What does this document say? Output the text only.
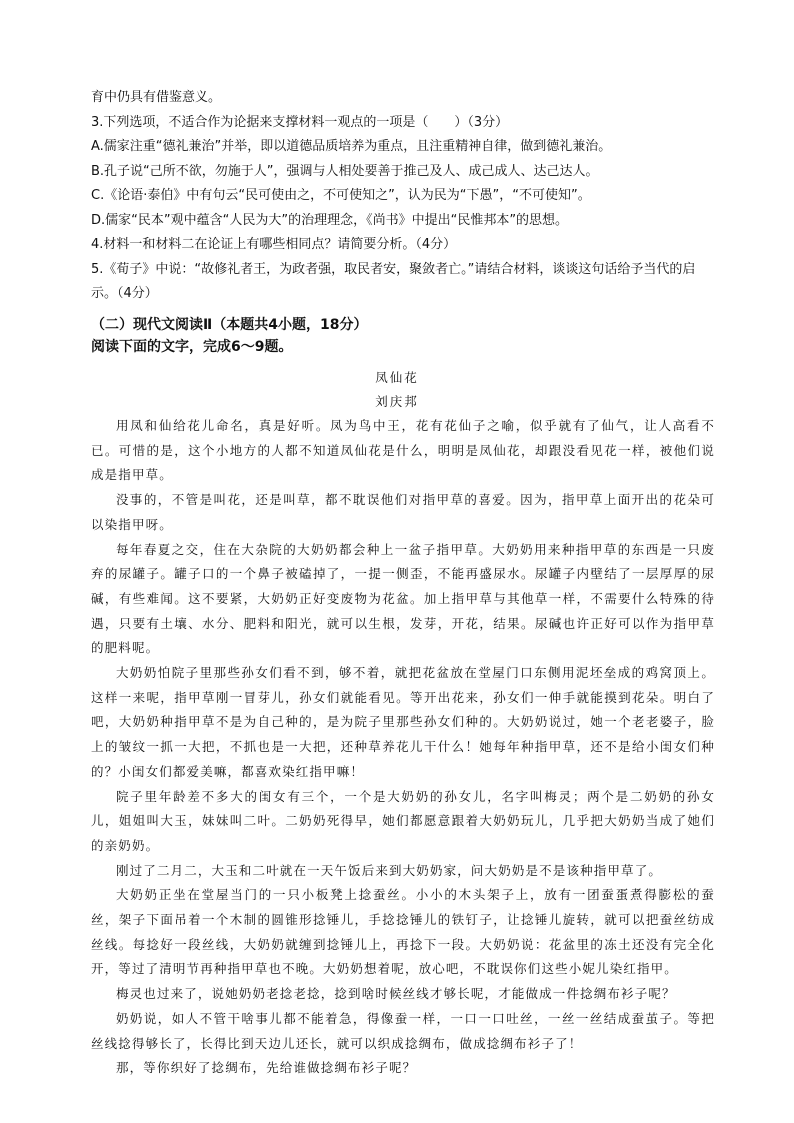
育中仍具有借鉴意义。

3.下列选项，不适合作为论据来支撑材料一观点的一项是（　　）（3分）

A.儒家注重“德礼兼治”并举，即以道德品质培养为重点，且注重精神自律，做到德礼兼治。

B.孔子说“己所不欲，勿施于人”，强调与人相处要善于推己及人、成己成人、达己达人。

C.《论语·泰伯》中有句云“民可使由之，不可使知之”，认为民为“下愚”，“不可使知”。

D.儒家“民本”观中蕴含“人民为大”的治理理念，《尚书》中提出“民惟邦本”的思想。

4.材料一和材料二在论证上有哪些相同点？请简要分析。（4分）

5.《荀子》中说：“故修礼者王，为政者强，取民者安，聚敛者亡。”请结合材料，谈谈这句话给予当代的启

示。（4分）

（二）现代文阅读Ⅱ（本题共4小题，18分）

阅读下面的文字，完成6～9题。

凤仙花
刘庆邦

用凤和仙给花儿命名，真是好听。凤为鸟中王，花有花仙子之喻，似乎就有了仙气，让人高看不已。可惜的是，这个小地方的人都不知道凤仙花是什么，明明是凤仙花，却跟没看见花一样，被他们说成是指甲草。

没事的，不管是叫花，还是叫草，都不耽误他们对指甲草的喜爱。因为，指甲草上面开出的花朵可以染指甲呀。

每年春夏之交，住在大杂院的大奶奶都会种上一盆子指甲草。大奶奶用来种指甲草的东西是一只废弃的尿罐子。罐子口的一个鼻子被磕掉了，一提一侧歪，不能再盛尿水。尿罐子内壁结了一层厚厚的尿碱，有些难闻。这不要紧，大奶奶正好变废物为花盆。加上指甲草与其他草一样，不需要什么特殊的待遇，只要有土壤、水分、肥料和阳光，就可以生根，发芽，开花，结果。尿碱也许正好可以作为指甲草的肥料呢。

大奶奶怕院子里那些孙女们看不到，够不着，就把花盆放在堂屋门口东侧用泥坯垒成的鸡窝顶上。这样一来呢，指甲草刚一冒芽儿，孙女们就能看见。等开出花来，孙女们一伸手就能摸到花朵。明白了吧，大奶奶种指甲草不是为自己种的，是为院子里那些孙女们种的。大奶奶说过，她一个老老婆子，脸上的皱纹一抓一大把，不抓也是一大把，还种草养花儿干什么！她每年种指甲草，还不是给小闺女们种的？小闺女们都爱美嘛，都喜欢染红指甲嘛！

院子里年龄差不多大的闺女有三个，一个是大奶奶的孙女儿，名字叫梅灵；两个是二奶奶的孙女儿，姐姐叫大玉，妹妹叫二叶。二奶奶死得早，她们都愿意跟着大奶奶玩儿，几乎把大奶奶当成了她们的亲奶奶。

刚过了二月二，大玉和二叶就在一天午饭后来到大奶奶家，问大奶奶是不是该种指甲草了。

大奶奶正坐在堂屋当门的一只小板凳上捻蚕丝。小小的木头架子上，放有一团蚕蛋煮得膨松的蚕丝，架子下面吊着一个木制的圆锥形捻锤儿，手捻捻锤儿的铁钉子，让捻锤儿旋转，就可以把蚕丝纺成丝线。每捻好一段丝线，大奶奶就缠到捻锤儿上，再捻下一段。大奶奶说：花盆里的冻土还没有完全化开，等过了清明节再种指甲草也不晚。大奶奶想着呢，放心吧，不耽误你们这些小妮儿染红指甲。

梅灵也过来了，说她奶奶老捻老捻，捻到啥时候丝线才够长呢，才能做成一件捻绸布衫子呢？

奶奶说，如人不管干啥事儿都不能着急，得像蚕一样，一口一口吐丝，一丝一丝结成蚕茧子。等把丝线捻得够长了，长得比到天边儿还长，就可以织成捻绸布，做成捻绸布衫子了！

那，等你织好了捻绸布，先给谁做捻绸布衫子呢？
